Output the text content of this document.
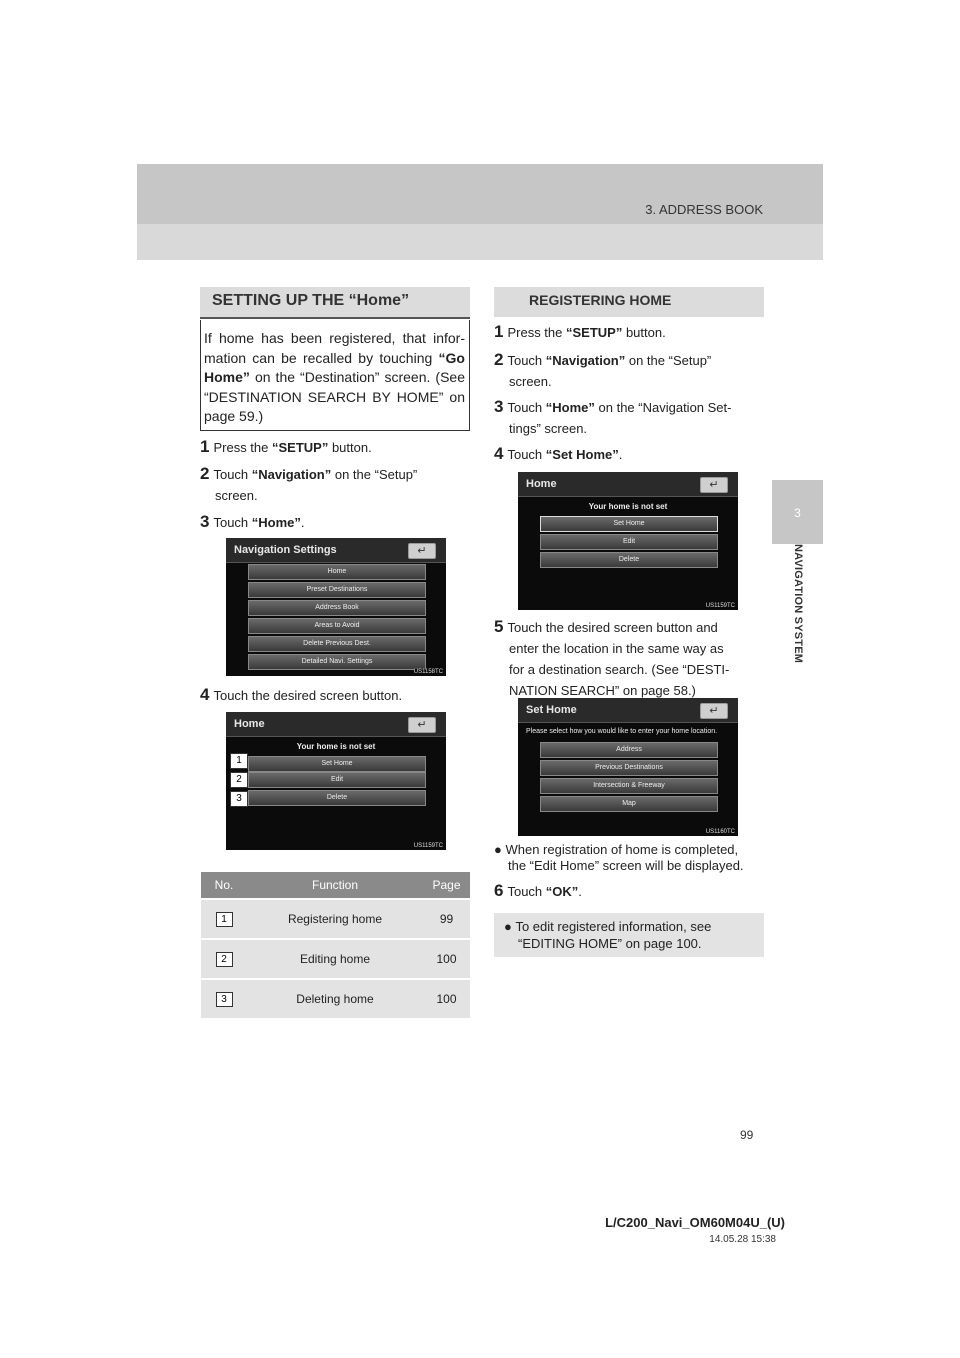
3. ADDRESS BOOK
3
NAVIGATION SYSTEM
SETTING UP THE “Home”

If home has been registered, that infor-mation can be recalled by touching “Go Home” on the “Destination” screen. (See “DESTINATION SEARCH BY HOME” on page 59.)

1 Press the “SETUP” button.
2 Touch “Navigation” on the “Setup”
screen.
3 Touch “Home”.
Navigation Settings	↵
Home
Preset Destinations
Address Book
Areas to Avoid
Delete Previous Dest.
Detailed Navi. Settings
US1158TC
4 Touch the desired screen button.
Home	↵
Your home is not set
Set Home
Edit
Delete
1
2
3
US1159TC
No.	Function	Page
1	Registering home	99
2	Editing home	100
3	Deleting home	100
REGISTERING HOME
1 Press the “SETUP” button.
2 Touch “Navigation” on the “Setup”
screen.
3 Touch “Home” on the “Navigation Set-
tings” screen.
4 Touch “Set Home”.
Home	↵
Your home is not set
Set Home
Edit
Delete
US1159TC
5 Touch the desired screen button and
enter the location in the same way as
for a destination search. (See “DESTI-
NATION SEARCH” on page 58.)
Set Home	↵
Please select how you would like to enter your home location.
Address
Previous Destinations
Intersection & Freeway
Map
US1160TC
● When registration of home is completed,
the “Edit Home” screen will be displayed.
6 Touch “OK”.

● To edit registered information, see
“EDITING HOME” on page 100.

99
L/C200_Navi_OM60M04U_(U)
14.05.28 15:38
